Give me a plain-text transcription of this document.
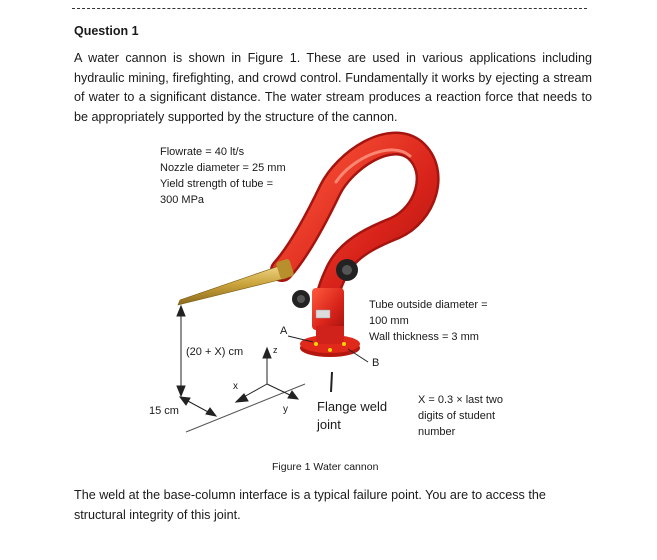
Question 1
A water cannon is shown in Figure 1. These are used in various applications including hydraulic mining, firefighting, and crowd control. Fundamentally it works by ejecting a stream of water to a significant distance. The water stream produces a reaction force that needs to be appropriately supported by the structure of the cannon.
Flowrate = 40 lt/s
Nozzle diameter = 25 mm
Yield strength of tube =
300 MPa
Tube outside diameter =
100 mm
Wall thickness = 3 mm
A
B
(20 + X) cm
15 cm
z
x
y Flange weld
joint
X = 0.3 × last two
digits of student
number
Figure 1 Water cannon
The weld at the base-column interface is a typical failure point. You are to access the structural integrity of this joint.
